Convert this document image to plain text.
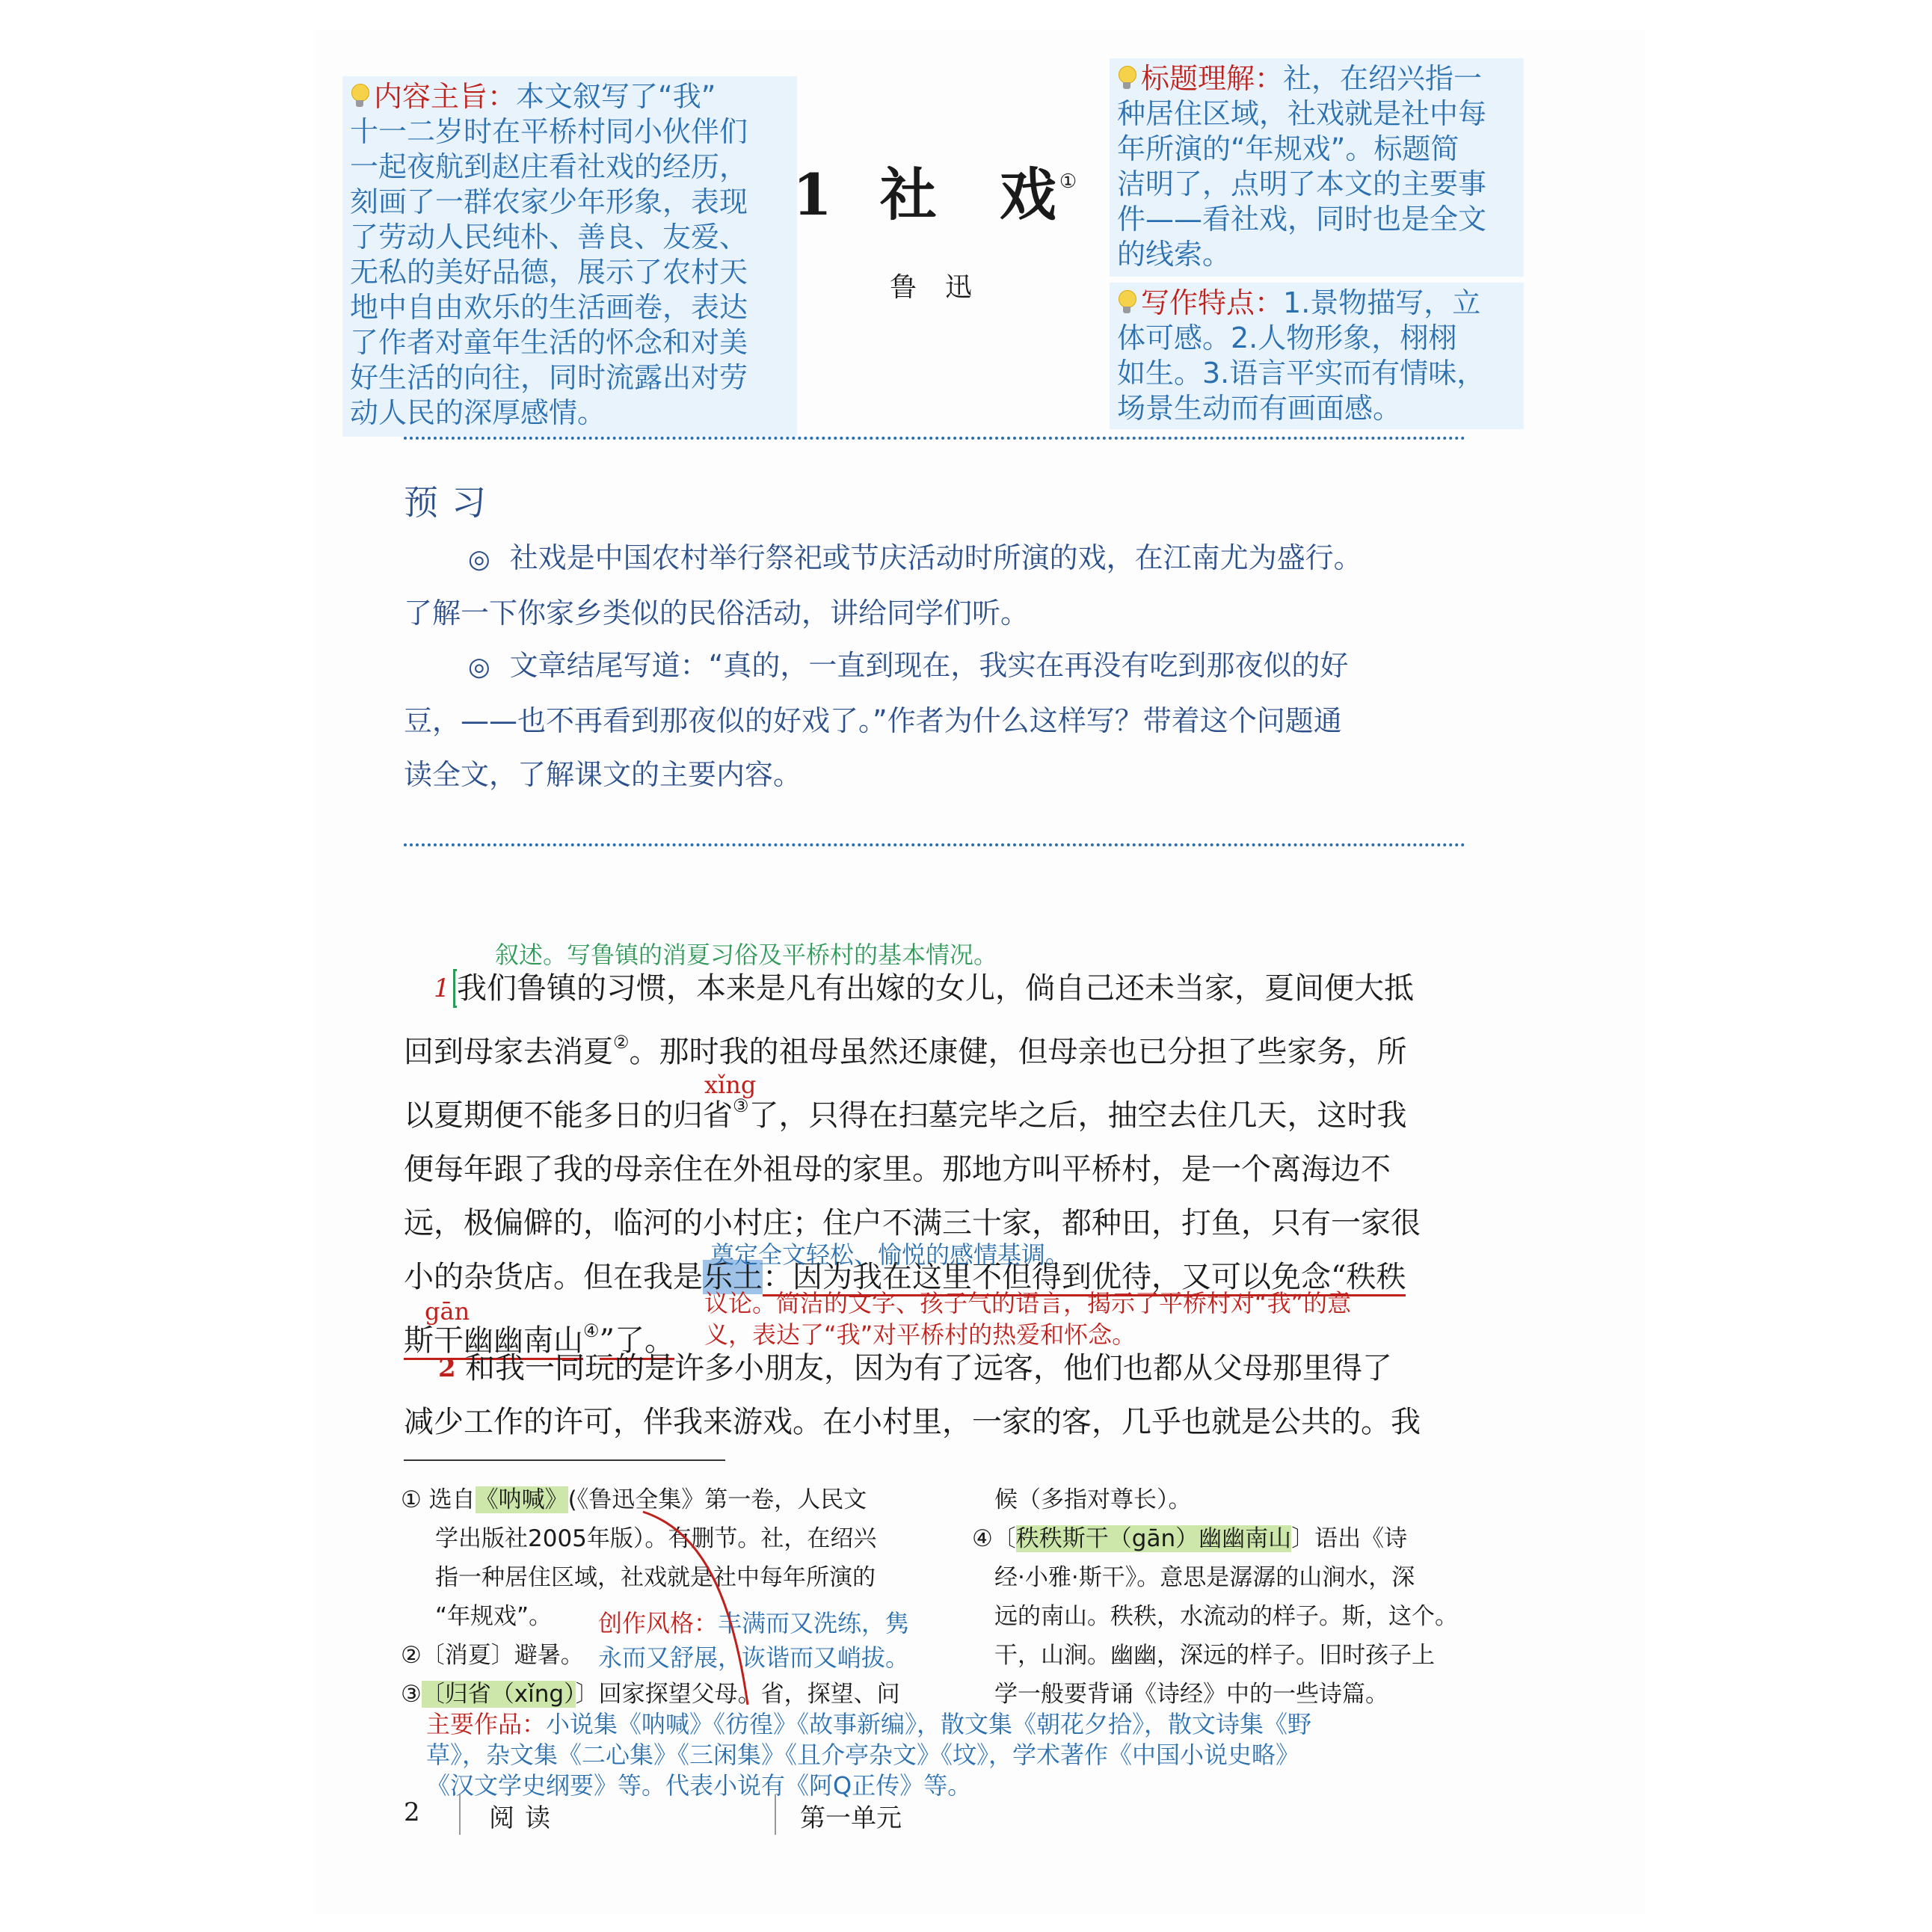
内容主旨：本文叙写了“我”
十一二岁时在平桥村同小伙伴们
一起夜航到赵庄看社戏的经历，
刻画了一群农家少年形象，表现
了劳动人民纯朴、善良、友爱、
无私的美好品德，展示了农村天
地中自由欢乐的生活画卷，表达
了作者对童年生活的怀念和对美
好生活的向往，同时流露出对劳
动人民的深厚感情。
标题理解：社，在绍兴指一
种居住区域，社戏就是社中每
年所演的“年规戏”。标题简
洁明了，点明了本文的主要事
件——看社戏，同时也是全文
的线索。
写作特点：1.景物描写，立
体可感。2.人物形象，栩栩
如生。3.语言平实而有情味，
场景生动而有画面感。
1 社　戏①
鲁迅
预习
◎ 社戏是中国农村举行祭祀或节庆活动时所演的戏，在江南尤为盛行。
了解一下你家乡类似的民俗活动，讲给同学们听。
◎ 文章结尾写道：“真的，一直到现在，我实在再没有吃到那夜似的好
豆，——也不再看到那夜似的好戏了。”作者为什么这样写？带着这个问题通
读全文，了解课文的主要内容。
叙述。写鲁镇的消夏习俗及平桥村的基本情况。
1 我们鲁镇的习惯，本来是凡有出嫁的女儿，倘自己还未当家，夏间便大抵
回到母家去消夏②。那时我的祖母虽然还康健，但母亲也已分担了些家务，所
xǐng
以夏期便不能多日的归省③了，只得在扫墓完毕之后，抽空去住几天，这时我
便每年跟了我的母亲住在外祖母的家里。那地方叫平桥村，是一个离海边不
远，极偏僻的，临河的小村庄；住户不满三十家，都种田，打鱼，只有一家很
奠定全文轻松、愉悦的感情基调。
小的杂货店。但在我是乐土：因为我在这里不但得到优待，又可以免念“秩秩
gān
斯干幽幽南山④”了。
议论。简洁的文字、孩子气的语言，揭示了平桥村对“我”的意
义，表达了“我”对平桥村的热爱和怀念。
2 和我一同玩的是许多小朋友，因为有了远客，他们也都从父母那里得了
减少工作的许可，伴我来游戏。在小村里，一家的客，几乎也就是公共的。我
① 选自《呐喊》(《鲁迅全集》第一卷，人民文
学出版社2005年版）。有删节。社，在绍兴
指一种居住区域，社戏就是社中每年所演的
“年规戏”。
②〔消夏〕避暑。
③〔归省（xǐng）〕回家探望父母。省，探望、问
创作风格：丰满而又洗练，隽
永而又舒展，诙谐而又峭拔。
候（多指对尊长）。
④〔秩秩斯干（gān）幽幽南山〕语出《诗
经·小雅·斯干》。意思是潺潺的山涧水，深
远的南山。秩秩，水流动的样子。斯，这个。
干，山涧。幽幽，深远的样子。旧时孩子上
学一般要背诵《诗经》中的一些诗篇。
主要作品：小说集《呐喊》《彷徨》《故事新编》，散文集《朝花夕拾》，散文诗集《野
草》，杂文集《二心集》《三闲集》《且介亭杂文》《坟》，学术著作《中国小说史略》
《汉文学史纲要》等。代表小说有《阿Q正传》等。
2	阅读	第一单元
